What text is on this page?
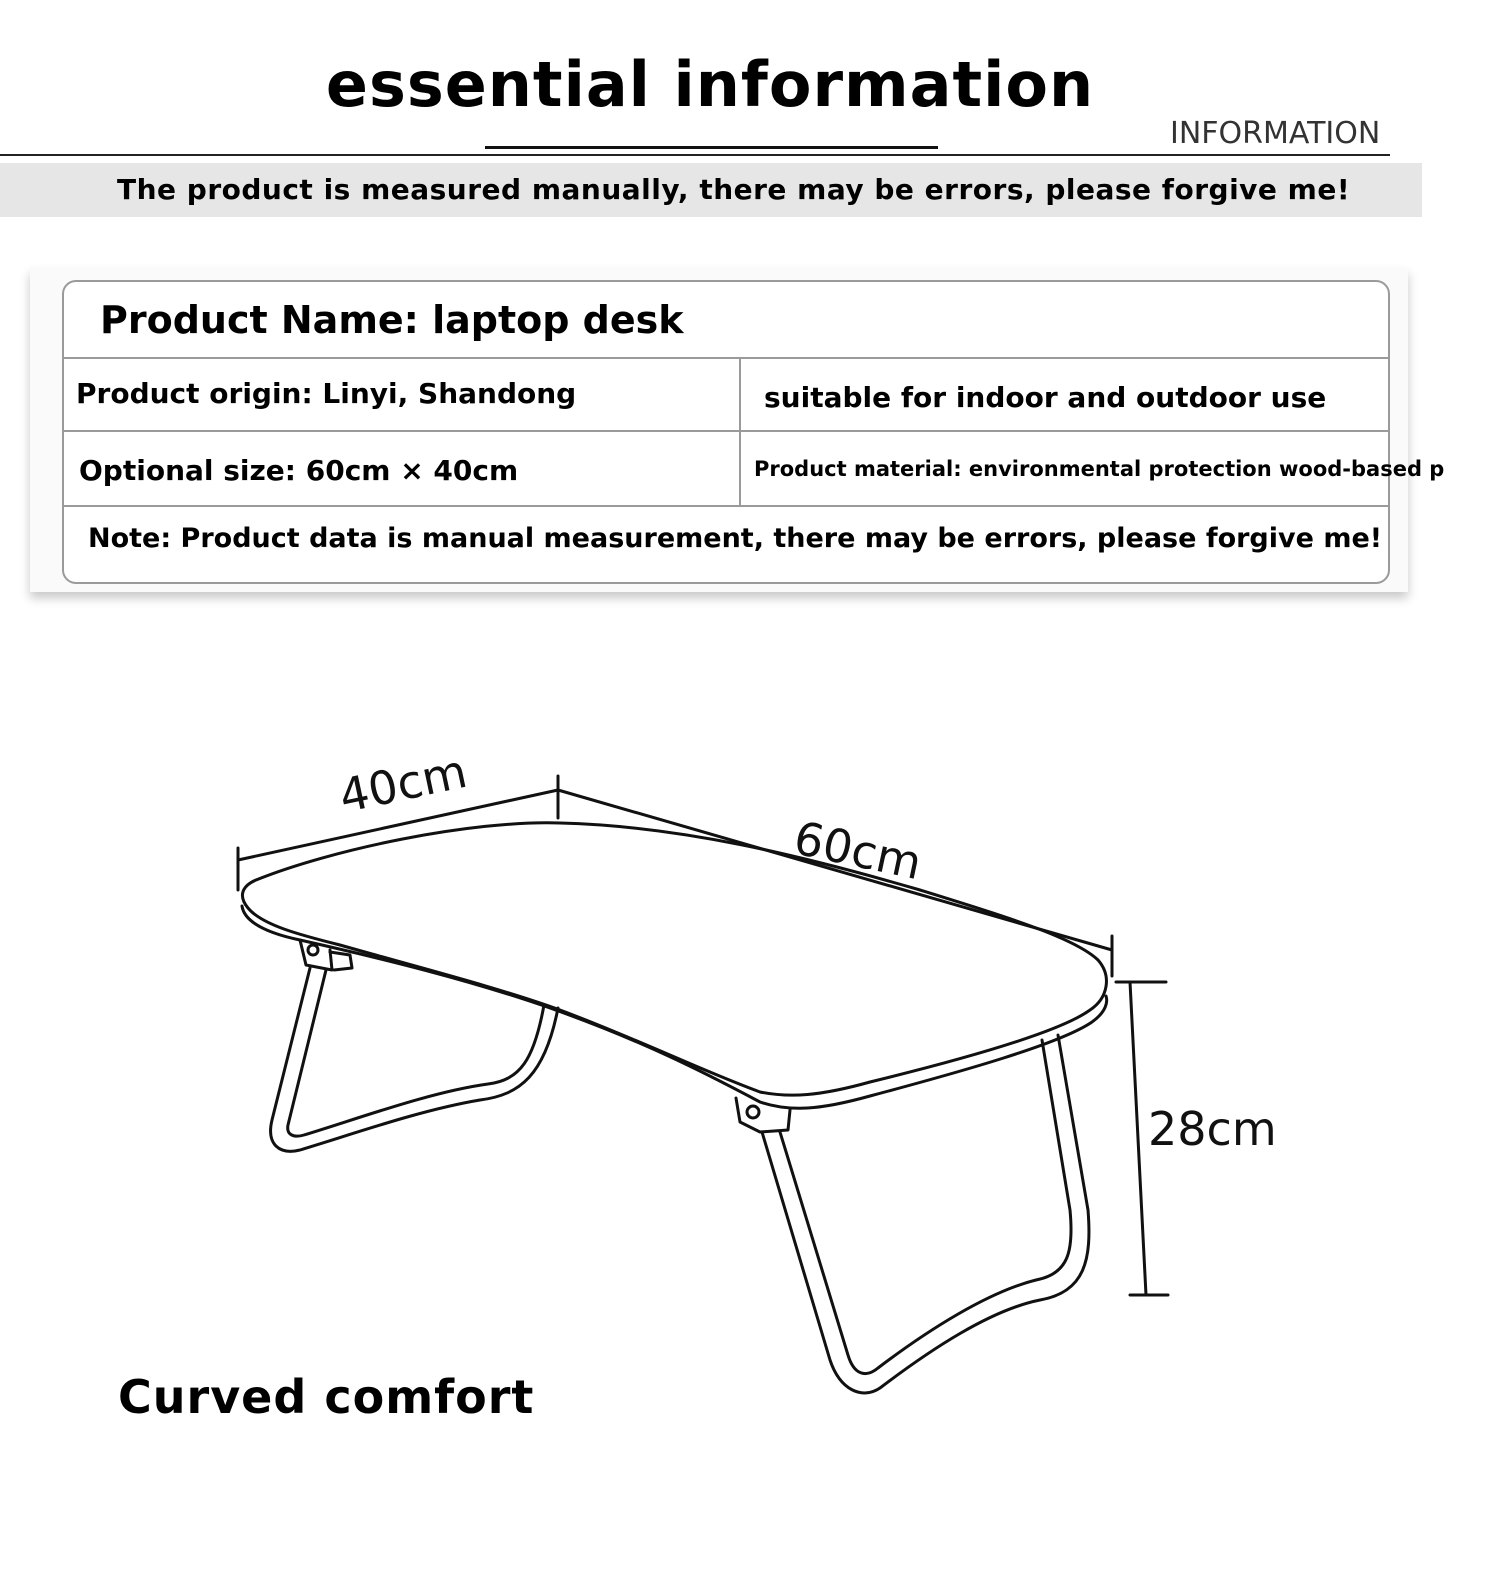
essential information
INFORMATION
The product is measured manually, there may be errors, please forgive me!
Product Name: laptop desk
Product origin: Linyi, Shandong	suitable for indoor and outdoor use
Optional size: 60cm × 40cm	Product material: environmental protection wood-based p
Note: Product data is manual measurement, there may be errors, please forgive me!
40cm
60cm
28cm
Curved comfort
